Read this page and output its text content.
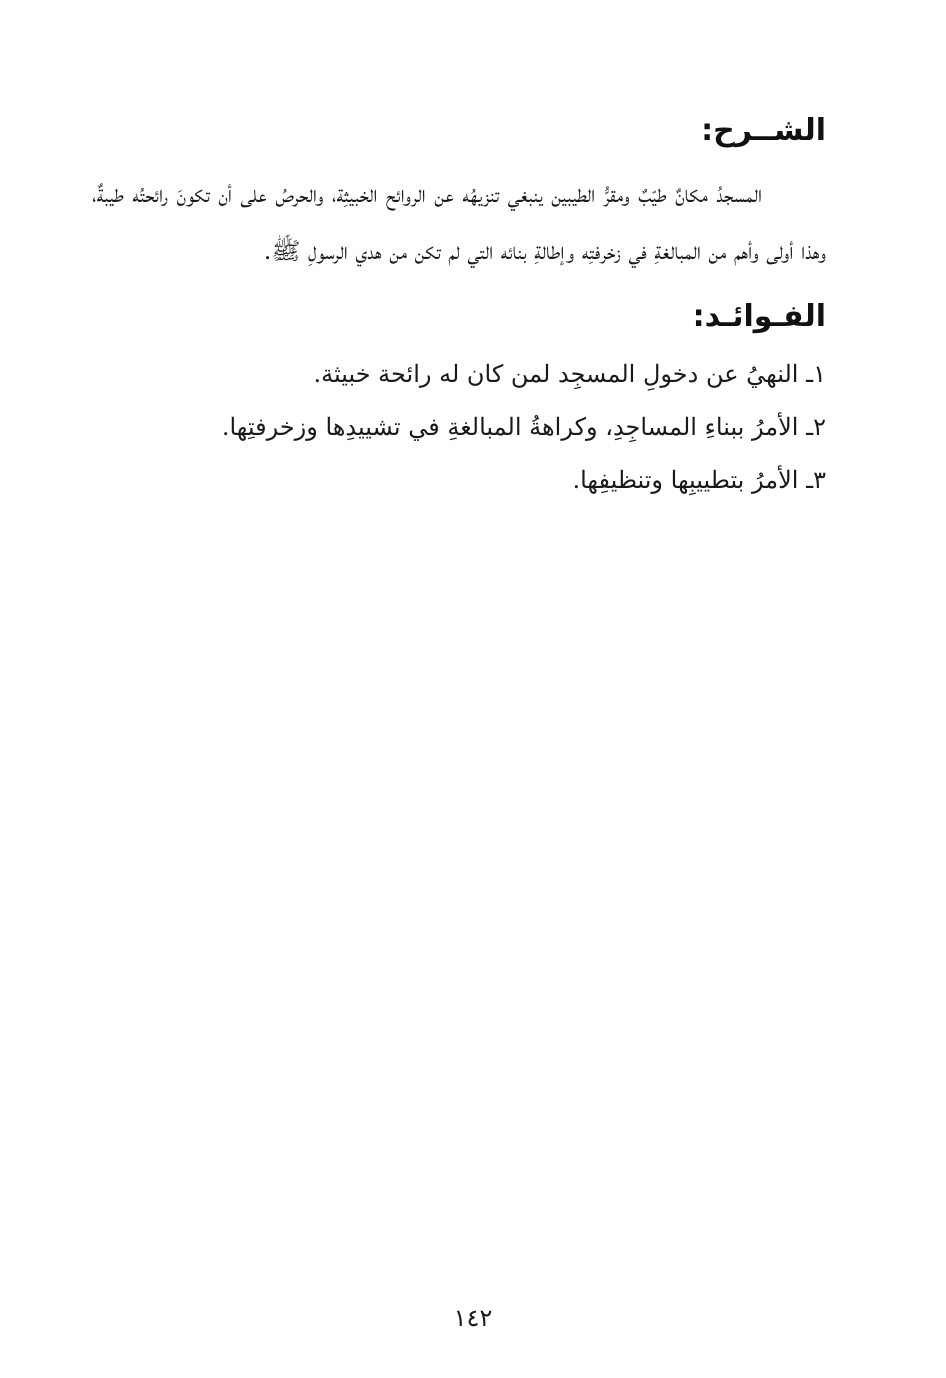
الشــرح:

المسجدُ مكانٌ طيّبٌ ومقرُّ الطيبين ينبغي تنزيهُه عن الروائح الخبيثِة، والحرصُ على أن تكونَ رائحتُه طيبةٌ، وهذا أولى وأهم من المبالغةِ في زخرفتِه وإطالةِ بنائه التي لم تكن من هدي الرسولِ ﷺ.

الفـوائـد:
١ـ النهيُ عن دخولِ المسجِد لمن كان له رائحة خبيثة.
٢ـ الأمرُ ببناءِ المساجِدِ، وكراهةُ المبالغةِ في تشييدِها وزخرفتِها.
٣ـ الأمرُ بتطييبِها وتنظيفِها.
١٤٢
